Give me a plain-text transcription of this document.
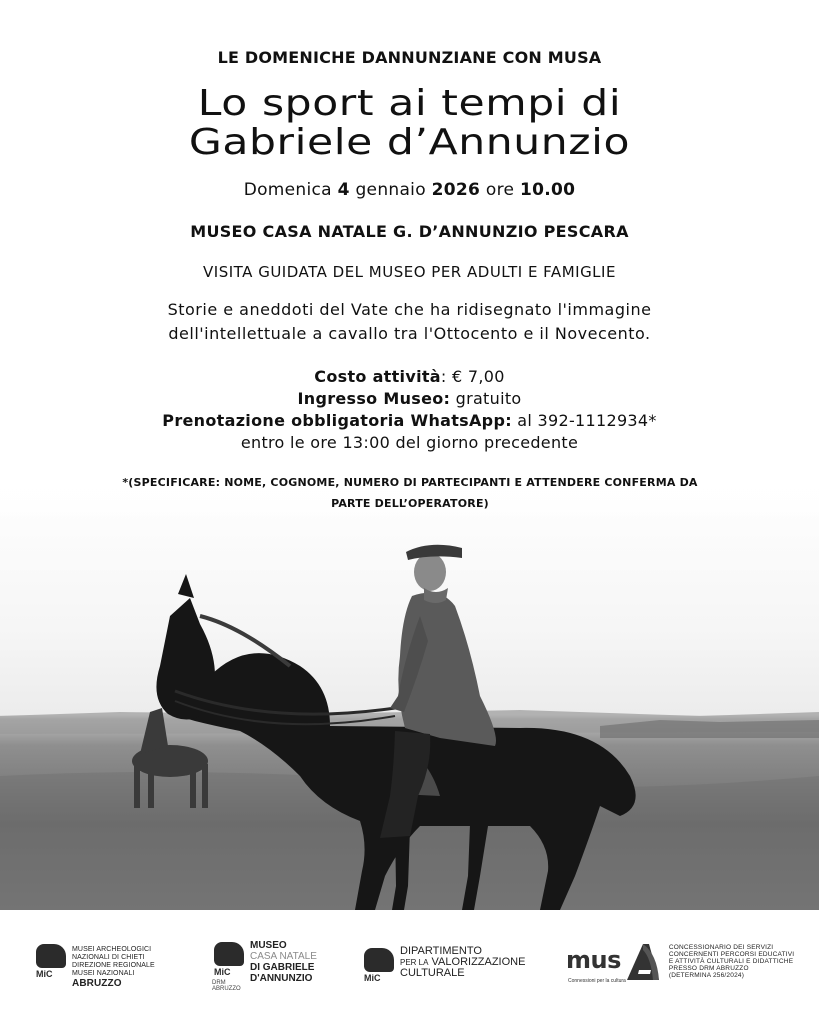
LE DOMENICHE DANNUNZIANE CON MUSA
Lo sport ai tempi di
Gabriele d’Annunzio
Domenica 4 gennaio 2026 ore 10.00
MUSEO CASA NATALE G. D’ANNUNZIO PESCARA
VISITA GUIDATA DEL MUSEO PER ADULTI E FAMIGLIE
Storie e aneddoti del Vate che ha ridisegnato l'immagine
dell'intellettuale a cavallo tra l'Ottocento e il Novecento.
Costo attività: € 7,00
Ingresso Museo: gratuito
Prenotazione obbligatoria WhatsApp: al 392-1112934*
entro le ore 13:00 del giorno precedente
*(SPECIFICARE: NOME, COGNOME, NUMERO DI PARTECIPANTI E ATTENDERE CONFERMA DA
PARTE DELL’OPERATORE)
MiC
MUSEI ARCHEOLOGICI
NAZIONALI DI CHIETI
DIREZIONE REGIONALE
MUSEI NAZIONALI
ABRUZZO
MiC
DRM ABRUZZO
MUSEO
CASA NATALE
DI GABRIELE
D'ANNUNZIO	MiC
DIPARTIMENTO
PER LA VALORIZZAZIONE
CULTURALE	mus
Connessioni per la cultura
CONCESSIONARIO DEI SERVIZI
CONCERNENTI PERCORSI EDUCATIVI
E ATTIVITÀ CULTURALI E DIDATTICHE
PRESSO DRM ABRUZZO
(DETERMINA 256/2024)
